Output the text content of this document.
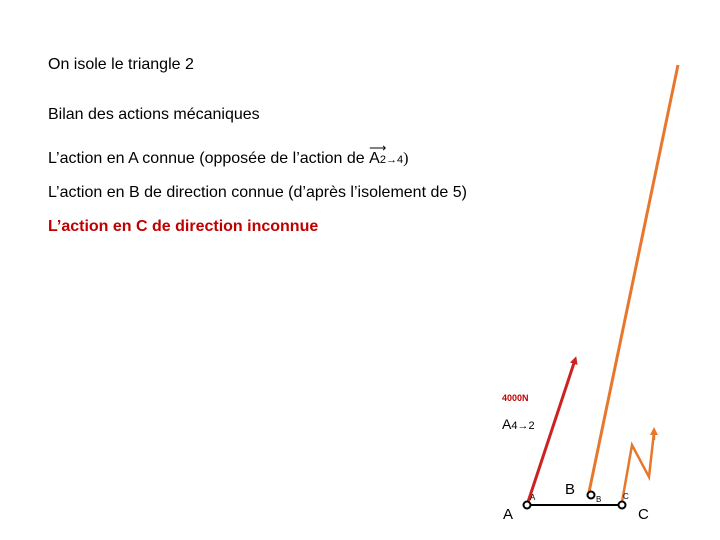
On isole le triangle 2
Bilan des actions mécaniques
L’action en A connue (opposée de l’action de
⟶
A2→4)
L’action en B de direction connue (d’après l’isolement de 5)
L’action en C de direction inconnue
4000N
A4→2
A
A B
B
C
C
